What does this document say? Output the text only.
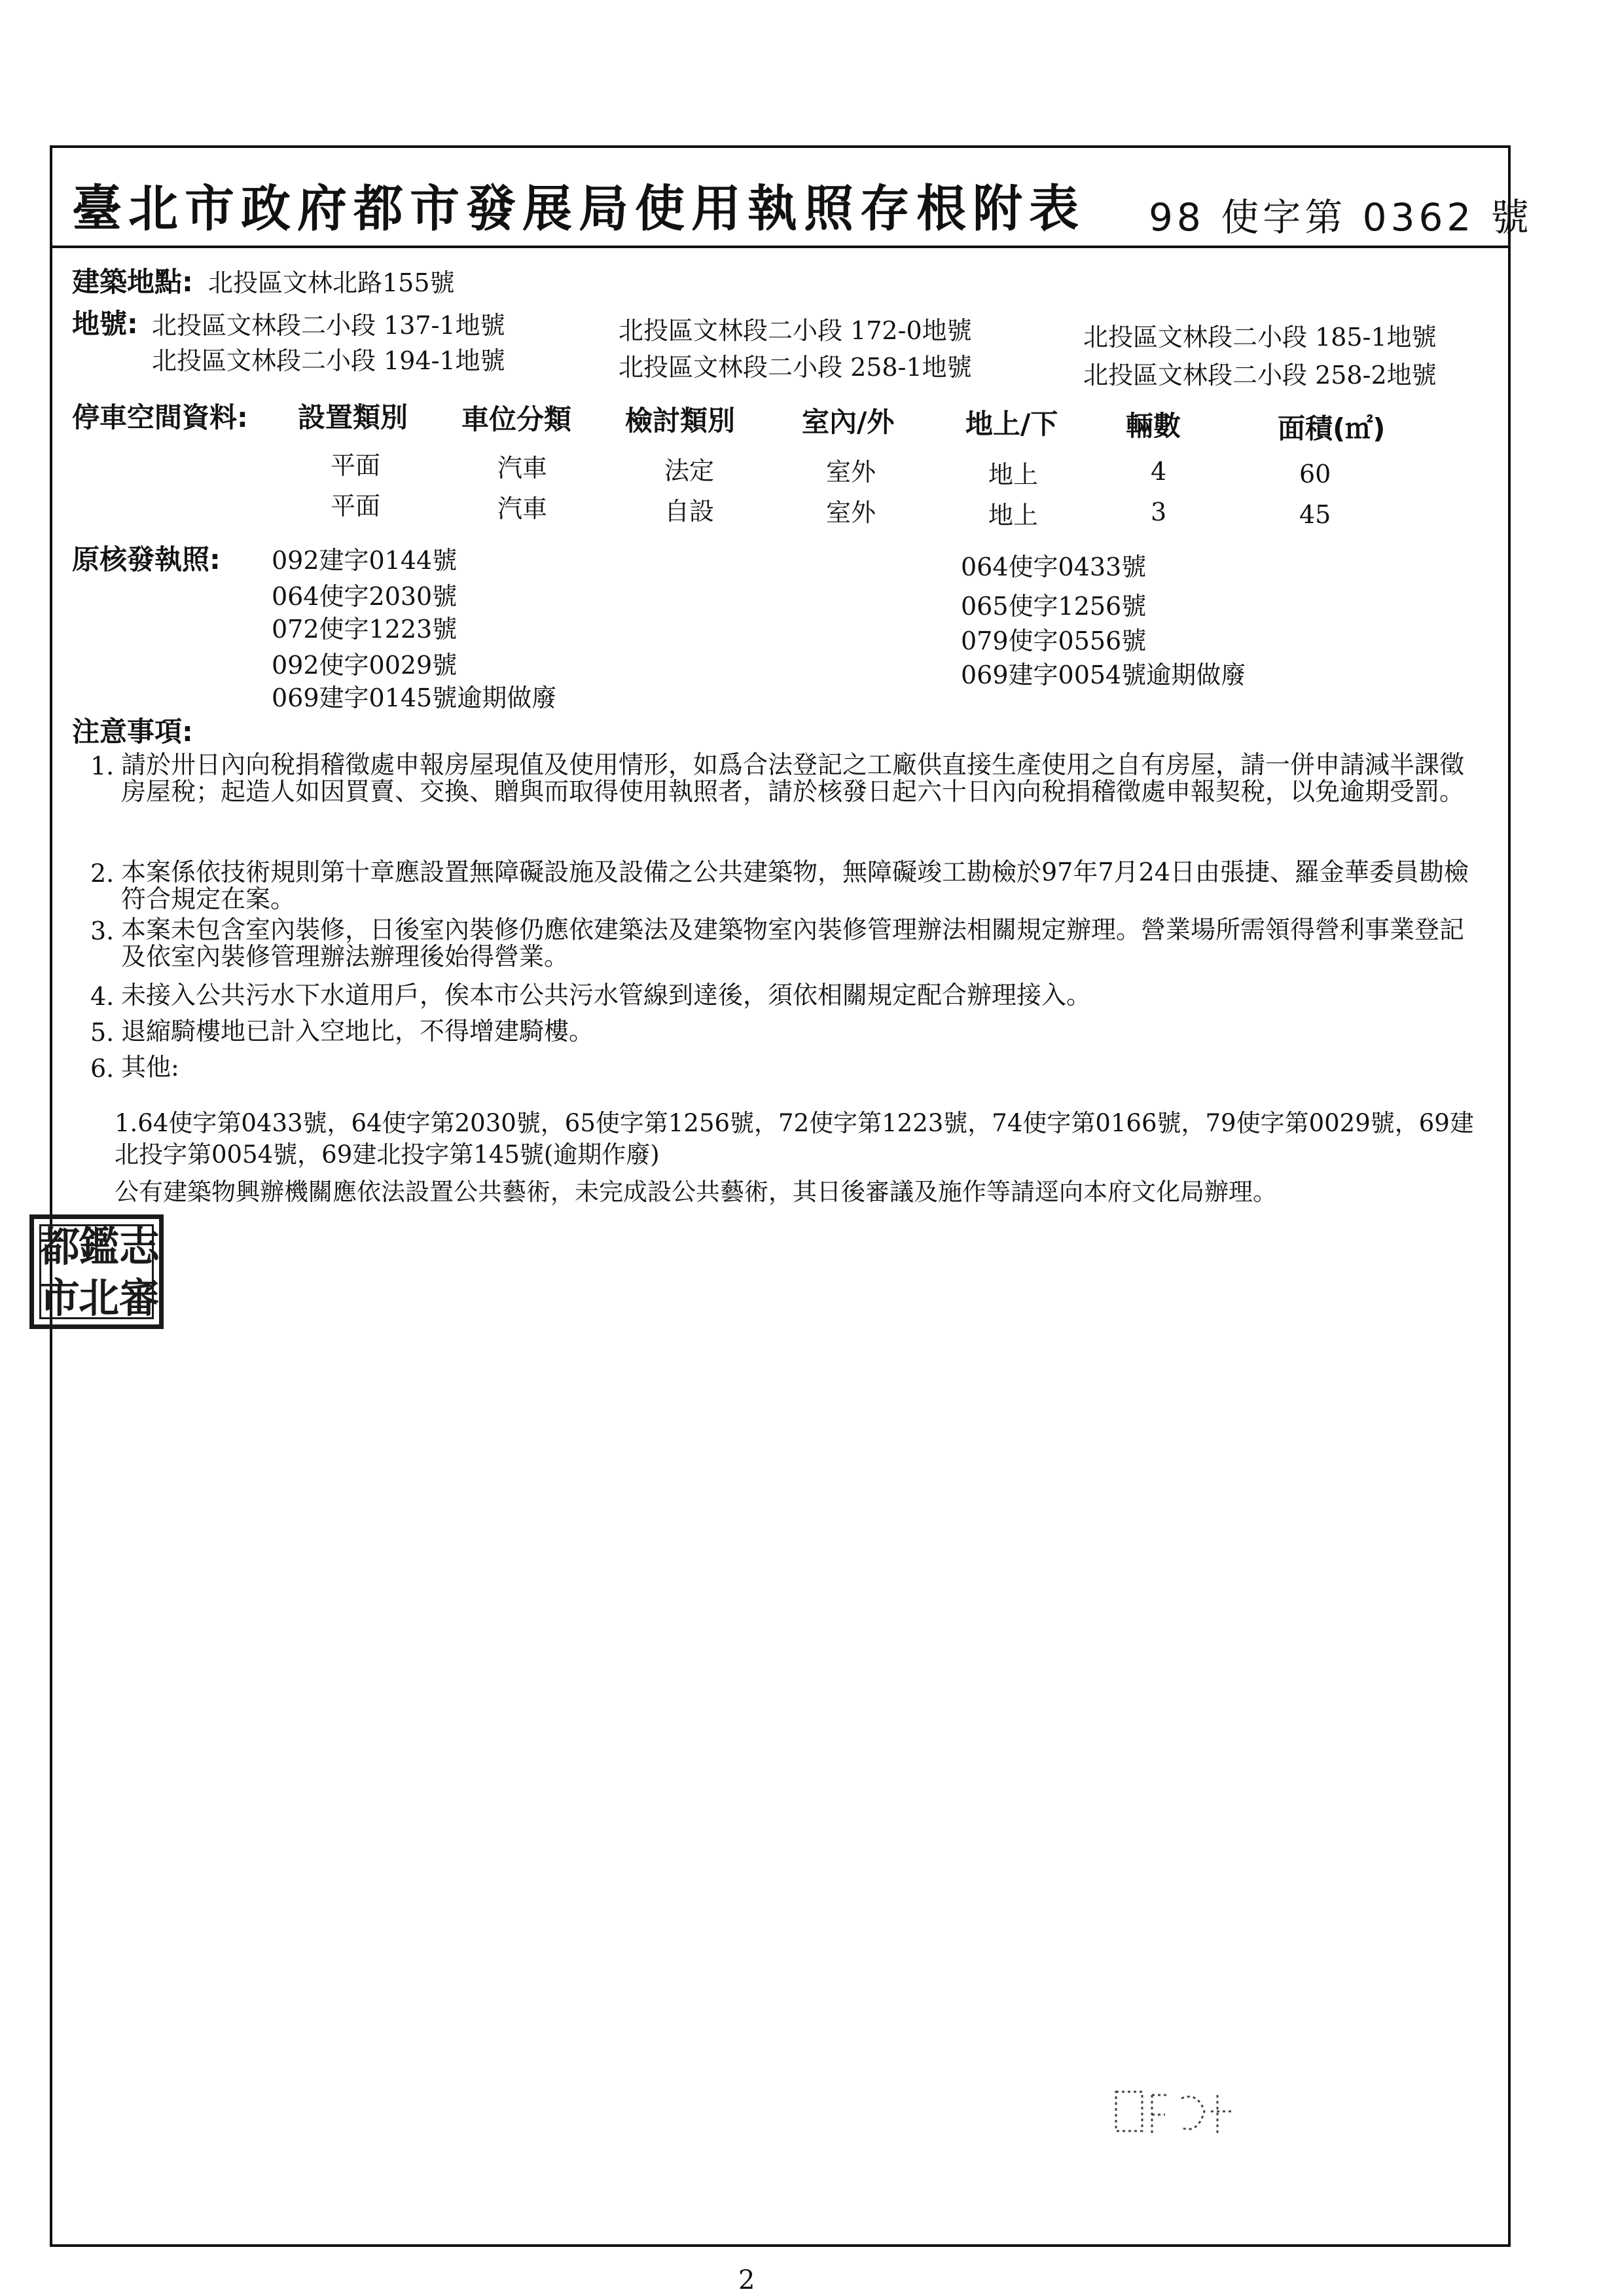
臺北市政府都市發展局使用執照存根附表 98 使字第 0362 號
建築地點: 北投區文林北路155號
地號: 北投區文林段二小段 137-1地號	北投區文林段二小段 172-0地號	北投區文林段二小段 185-1地號
北投區文林段二小段 194-1地號	北投區文林段二小段 258-1地號	北投區文林段二小段 258-2地號
停車空間資料: 設置類別 車位分類 檢討類別 室內/外	地上/下 輛數	面積(㎡)
平面	汽車	法定	室外	地上	4	60
平面	汽車	自設	室外	地上	3	45
原核發執照: 092建字0144號
064使字2030號
072使字1223號
092使字0029號
069建字0145號逾期做廢
064使字0433號
065使字1256號
079使字0556號
069建字0054號逾期做廢
注意事項:
1. 請於卅日內向稅捐稽徵處申報房屋現值及使用情形，如爲合法登記之工廠供直接生產使用之自有房屋，請一併申請減半課徵房屋稅；起造人如因買賣、交換、贈與而取得使用執照者，請於核發日起六十日內向稅捐稽徵處申報契稅，以免逾期受罰。
2. 本案係依技術規則第十章應設置無障礙設施及設備之公共建築物，無障礙竣工勘檢於97年7月24日由張捷、羅金華委員勘檢符合規定在案。
3. 本案未包含室內裝修，日後室內裝修仍應依建築法及建築物室內裝修管理辦法相關規定辦理。營業場所需領得營利事業登記及依室內裝修管理辦法辦理後始得營業。
4. 未接入公共污水下水道用戶，俟本市公共污水管線到達後，須依相關規定配合辦理接入。
5. 退縮騎樓地已計入空地比，不得增建騎樓。
6. 其他:
1.64使字第0433號，64使字第2030號，65使字第1256號，72使字第1223號，74使字第0166號，79使字第0029號，69建
北投字第0054號，69建北投字第145號(逾期作廢)
公有建築物興辦機關應依法設置公共藝術，未完成設公共藝術，其日後審議及施作等請逕向本府文化局辦理。
志
審
鑑
北
都
市
2
